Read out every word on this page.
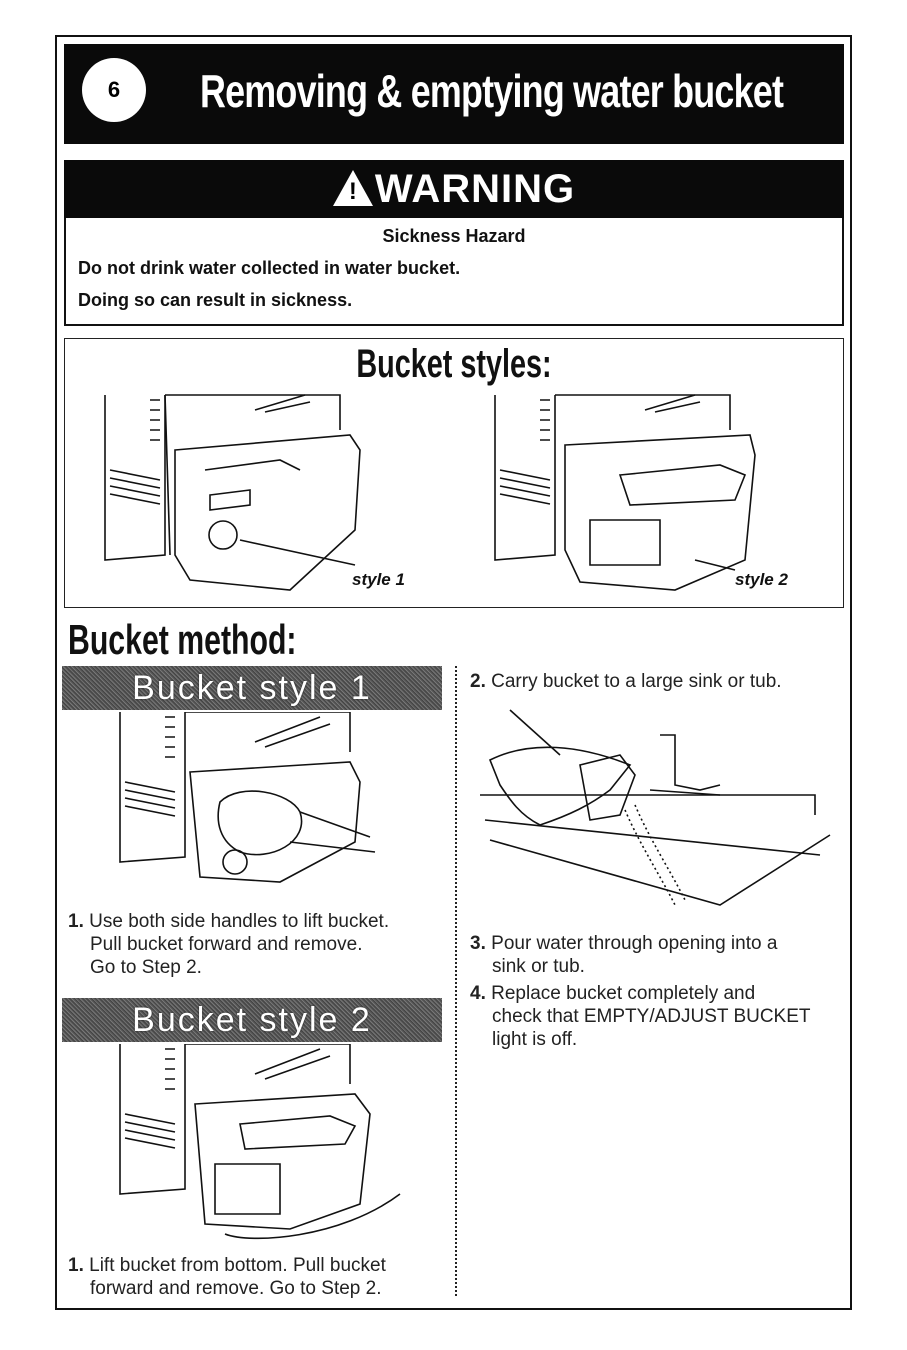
6	Removing & emptying water bucket
! WARNING
Sickness Hazard
Do not drink water collected in water bucket.
Doing so can result in sickness.
Bucket styles:
style 1	style 2
Bucket method:
Bucket style 1
1. Use both side handles to lift bucket.
Pull bucket forward and remove.
Go to Step 2.
Bucket style 2
1. Lift bucket from bottom. Pull bucket
forward and remove. Go to Step 2.
2. Carry bucket to a large sink or tub.
3. Pour water through opening into a
sink or tub.
4. Replace bucket completely and
check that EMPTY/ADJUST BUCKET
light is off.
